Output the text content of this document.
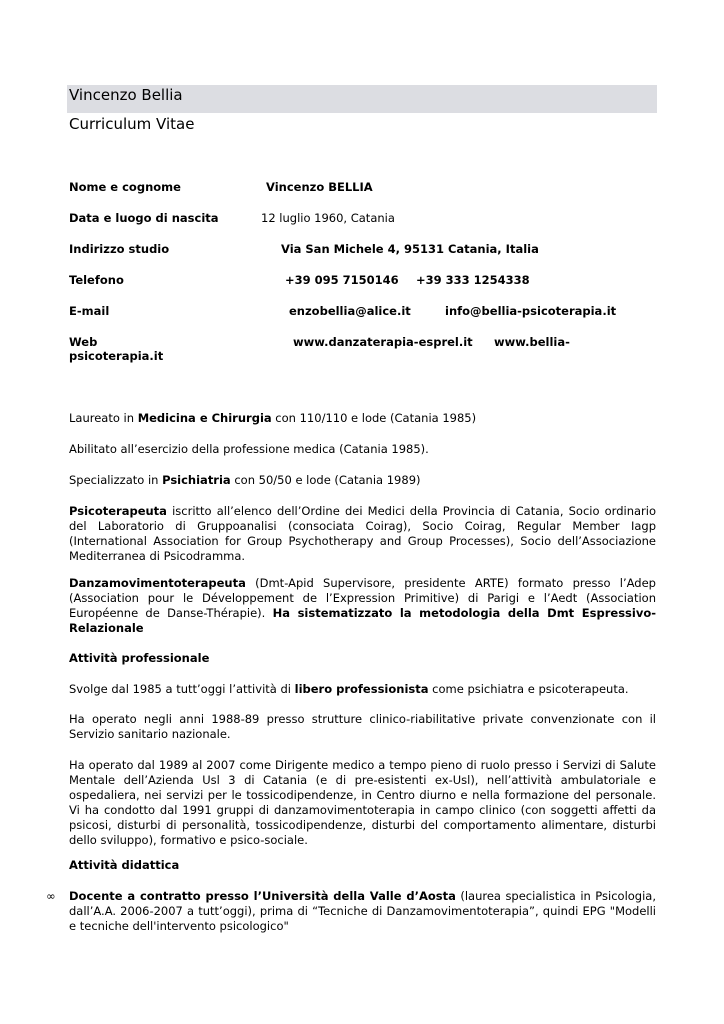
Vincenzo Bellia
Curriculum Vitae
Nome e cognome	Vincenzo BELLIA
Data e luogo di nascita	12 luglio 1960, Catania
Indirizzo studio	Via San Michele 4, 95131 Catania, Italia
Telefono	+39 095 7150146 +39 333 1254338
E-mail	enzobellia@alice.it	info@bellia-psicoterapia.it
Web	www.danzaterapia-esprel.it www.bellia-
psicoterapia.it
Laureato in Medicina e Chirurgia con 110/110 e lode (Catania 1985)
Abilitato all’esercizio della professione medica (Catania 1985).
Specializzato in Psichiatria con 50/50 e lode (Catania 1989)
Psicoterapeuta iscritto all’elenco dell’Ordine dei Medici della Provincia di Catania, Socio ordinario del Laboratorio di Gruppoanalisi (consociata Coirag), Socio Coirag, Regular Member Iagp (International Association for Group Psychotherapy and Group Processes), Socio dell’Associazione Mediterranea di Psicodramma.
Danzamovimentoterapeuta (Dmt-Apid Supervisore, presidente ARTE) formato presso l’Adep (Association pour le Développement de l’Expression Primitive) di Parigi e l’Aedt (Association Européenne de Danse-Thérapie). Ha sistematizzato la metodologia della Dmt Espressivo-Relazionale
Attività professionale
Svolge dal 1985 a tutt’oggi l’attività di libero professionista come psichiatra e psicoterapeuta.
Ha operato negli anni 1988-89 presso strutture clinico-riabilitative private convenzionate con il Servizio sanitario nazionale.
Ha operato dal 1989 al 2007 come Dirigente medico a tempo pieno di ruolo presso i Servizi di Salute Mentale dell’Azienda Usl 3 di Catania (e di pre-esistenti ex-Usl), nell’attività ambulatoriale e ospedaliera, nei servizi per le tossicodipendenze, in Centro diurno e nella formazione del personale. Vi ha condotto dal 1991 gruppi di danzamovimentoterapia in campo clinico (con soggetti affetti da psicosi, disturbi di personalità, tossicodipendenze, disturbi del comportamento alimentare, disturbi dello sviluppo), formativo e psico-sociale.
Attività didattica
∞ Docente a contratto presso l’Università della Valle d’Aosta (laurea specialistica in Psicologia, dall’A.A. 2006-2007 a tutt’oggi), prima di “Tecniche di Danzamovimentoterapia”, quindi EPG "Modelli e tecniche dell'intervento psicologico"
